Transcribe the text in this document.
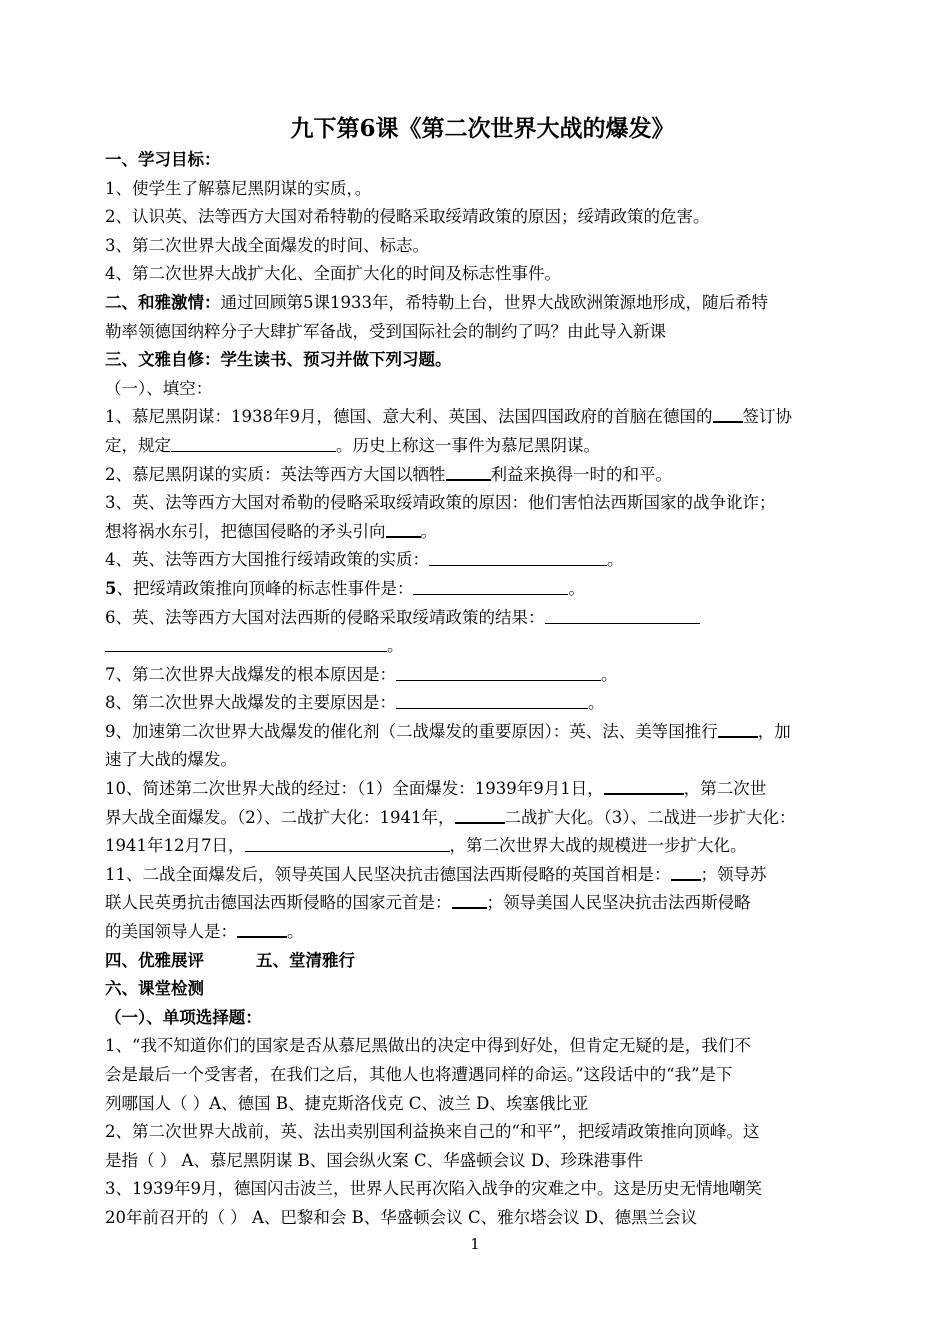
九下第6课《第二次世界大战的爆发》
一、学习目标：
1、使学生了解慕尼黑阴谋的实质，。
2、认识英、法等西方大国对希特勒的侵略采取绥靖政策的原因；绥靖政策的危害。
3、第二次世界大战全面爆发的时间、标志。
4、第二次世界大战扩大化、全面扩大化的时间及标志性事件。
二、和雅激情：通过回顾第5课1933年，希特勒上台，世界大战欧洲策源地形成，随后希特
勒率领德国纳粹分子大肆扩军备战，受到国际社会的制约了吗？由此导入新课
三、文雅自修：学生读书、预习并做下列习题。
（一）、填空：
1、慕尼黑阴谋：1938年9月，德国、意大利、英国、法国四国政府的首脑在德国的 签订协
定，规定	。历史上称这一事件为慕尼黑阴谋。
2、慕尼黑阴谋的实质：英法等西方大国以牺牲	利益来换得一时的和平。
3、英、法等西方大国对希勒的侵略采取绥靖政策的原因：他们害怕法西斯国家的战争讹诈；
想将祸水东引，把德国侵略的矛头引向 。
4、英、法等西方大国推行绥靖政策的实质：	。
5、把绥靖政策推向顶峰的标志性事件是：	。
6、英、法等西方大国对法西斯的侵略采取绥靖政策的结果：
。
7、第二次世界大战爆发的根本原因是：	。
8、第二次世界大战爆发的主要原因是：	。
9、加速第二次世界大战爆发的催化剂（二战爆发的重要原因）：英、法、美等国推行 ，加
速了大战的爆发。
10、简述第二次世界大战的经过：（1）全面爆发：1939年9月1日，	，第二次世
界大战全面爆发。（2）、二战扩大化：1941年，	二战扩大化。（3）、二战进一步扩大化：
1941年12月7日，	，第二次世界大战的规模进一步扩大化。
11、二战全面爆发后，领导英国人民坚决抗击德国法西斯侵略的英国首相是： ；领导苏
联人民英勇抗击德国法西斯侵略的国家元首是： ；领导美国人民坚决抗击法西斯侵略
的美国领导人是：	。
四、优雅展评	五、堂清雅行
六、课堂检测
（一）、单项选择题：
1、“我不知道你们的国家是否从慕尼黑做出的决定中得到好处，但肯定无疑的是，我们不
会是最后一个受害者，在我们之后，其他人也将遭遇同样的命运。”这段话中的“我”是下
列哪国人（ ）A、德国 B、捷克斯洛伐克 C、波兰 D、埃塞俄比亚
2、第二次世界大战前，英、法出卖别国利益换来自己的“和平”，把绥靖政策推向顶峰。这
是指（ ） A、慕尼黑阴谋 B、国会纵火案 C、华盛顿会议 D、珍珠港事件
3、1939年9月，德国闪击波兰，世界人民再次陷入战争的灾难之中。这是历史无情地嘲笑
20年前召开的（ ） A、巴黎和会 B、华盛顿会议 C、雅尔塔会议 D、德黑兰会议
1
